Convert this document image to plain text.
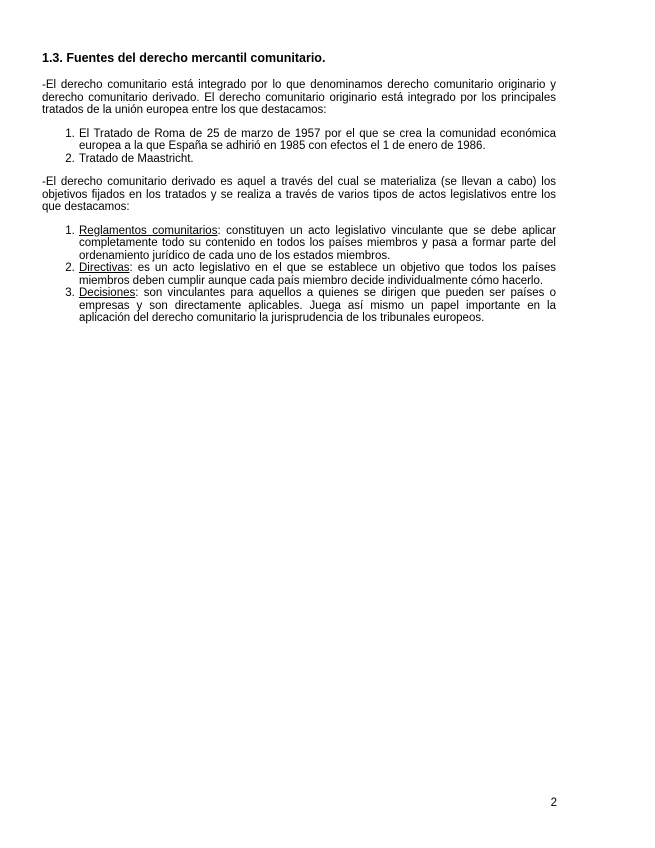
1.3. Fuentes del derecho mercantil comunitario.

-El derecho comunitario está integrado por lo que denominamos derecho comunitario originario y derecho comunitario derivado. El derecho comunitario originario está integrado por los principales tratados de la unión europea entre los que destacamos:

1. El Tratado de Roma de 25 de marzo de 1957 por el que se crea la comunidad económica europea a la que España se adhirió en 1985 con efectos el 1 de enero de 1986.
2. Tratado de Maastricht.

-El derecho comunitario derivado es aquel a través del cual se materializa (se llevan a cabo) los objetivos fijados en los tratados y se realiza a través de varios tipos de actos legislativos entre los que destacamos:

1. Reglamentos comunitarios: constituyen un acto legislativo vinculante que se debe aplicar completamente todo su contenido en todos los países miembros y pasa a formar parte del ordenamiento jurídico de cada uno de los estados miembros.
2. Directivas: es un acto legislativo en el que se establece un objetivo que todos los países miembros deben cumplir aunque cada país miembro decide individualmente cómo hacerlo.
3. Decisiones: son vinculantes para aquellos a quienes se dirigen que pueden ser países o empresas y son directamente aplicables. Juega así mismo un papel importante en la aplicación del derecho comunitario la jurisprudencia de los tribunales europeos.
2
